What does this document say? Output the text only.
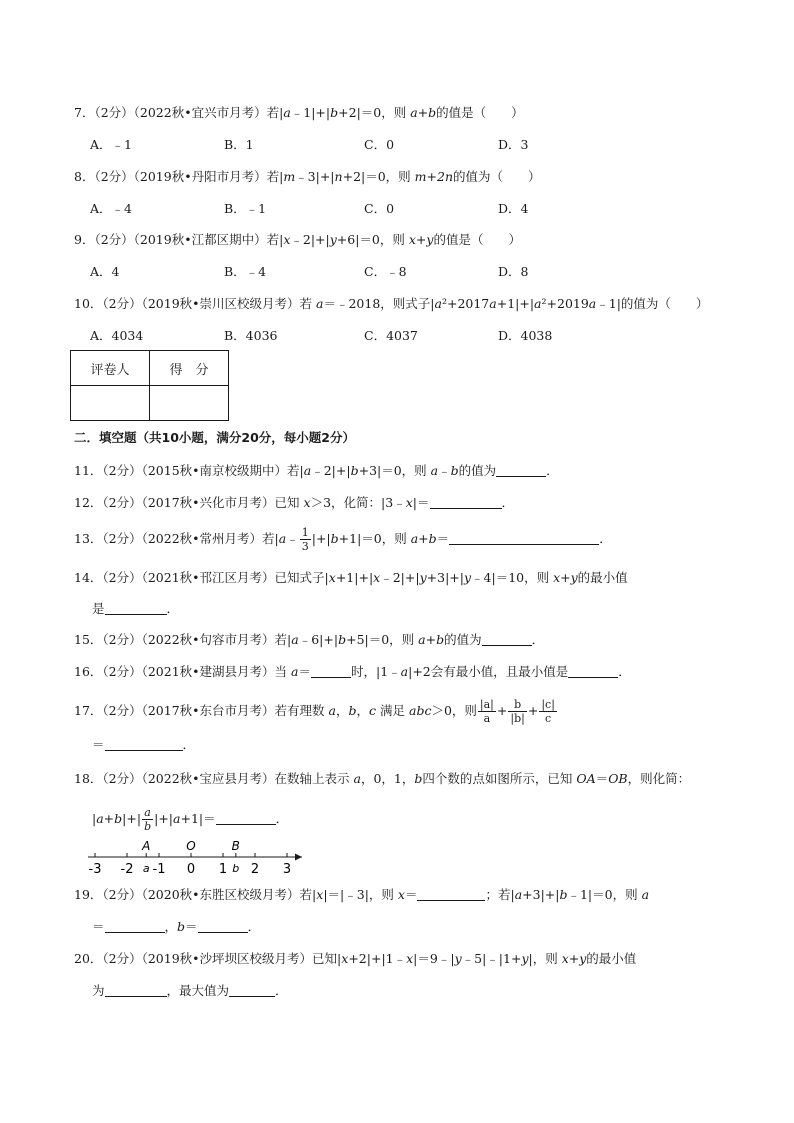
7．（2分）（2022秋•宜兴市月考）若|a﹣1|+|b+2|＝0，则 a+b的值是（　　）
A．﹣1	B．1	C．0	D．3
8．（2分）（2019秋•丹阳市月考）若|m﹣3|+|n+2|＝0，则 m+2n的值为（　　）
A．﹣4	B．﹣1	C．0	D．4
9．（2分）（2019秋•江都区期中）若|x﹣2|+|y+6|＝0，则 x+y的值是（　　）
A．4	B．﹣4	C．﹣8	D．8
10．（2分）（2019秋•崇川区校级月考）若 a＝﹣2018，则式子|a²+2017a+1|+|a²+2019a﹣1|的值为（　　）
A．4034	B．4036	C．4037	D．4038
评卷人	得　分

二．填空题（共10小题，满分20分，每小题2分）
11．（2分）（2015秋•南京校级期中）若|a﹣2|+|b+3|＝0，则 a﹣b的值为	．
12．（2分）（2017秋•兴化市月考）已知 x＞3，化简：|3﹣x|＝	．
13．（2分）（2022秋•常州月考）若|a﹣ $\frac{1}{3} |+|b+1|=0$，则 a+b＝	．
14．（2分）（2021秋•邗江区月考）已知式子|x+1|+|x﹣2|+|y+3|+|y﹣4|＝10，则 x+y的最小值
是	．
15．（2分）（2022秋•句容市月考）若|a﹣6|+|b+5|＝0，则 a+b的值为	．
16．（2分）（2021秋•建湖县月考）当 a＝	时，|1﹣a|+2会有最小值，且最小值是	．
17．（2分）（2017秋•东台市月考）若有理数 a，b，c 满足 abc＞0，则 $\frac{|a|}{a} + \frac{b}{|b|} + \frac{|c|}{c}$
＝	．
18．（2分）（2022秋•宝应县月考）在数轴上表示 a，0，1，b四个数的点如图所示，已知 OA＝OB，则化简：
$|a+b|+| \frac{a}{b} |+|a+1|=$	．
-3 -2 -1 0 1 2 3
A
a
O	B
b
19．（2分）（2020秋•东胜区校级月考）若|x|＝|﹣3|，则 x＝	；若|a+3|+|b﹣1|＝0，则 a
＝	，b＝	．
20．（2分）（2019秋•沙坪坝区校级月考）已知|x+2|+|1﹣x|＝9﹣|y﹣5|﹣|1+y|，则 x+y的最小值
为	，最大值为	．
